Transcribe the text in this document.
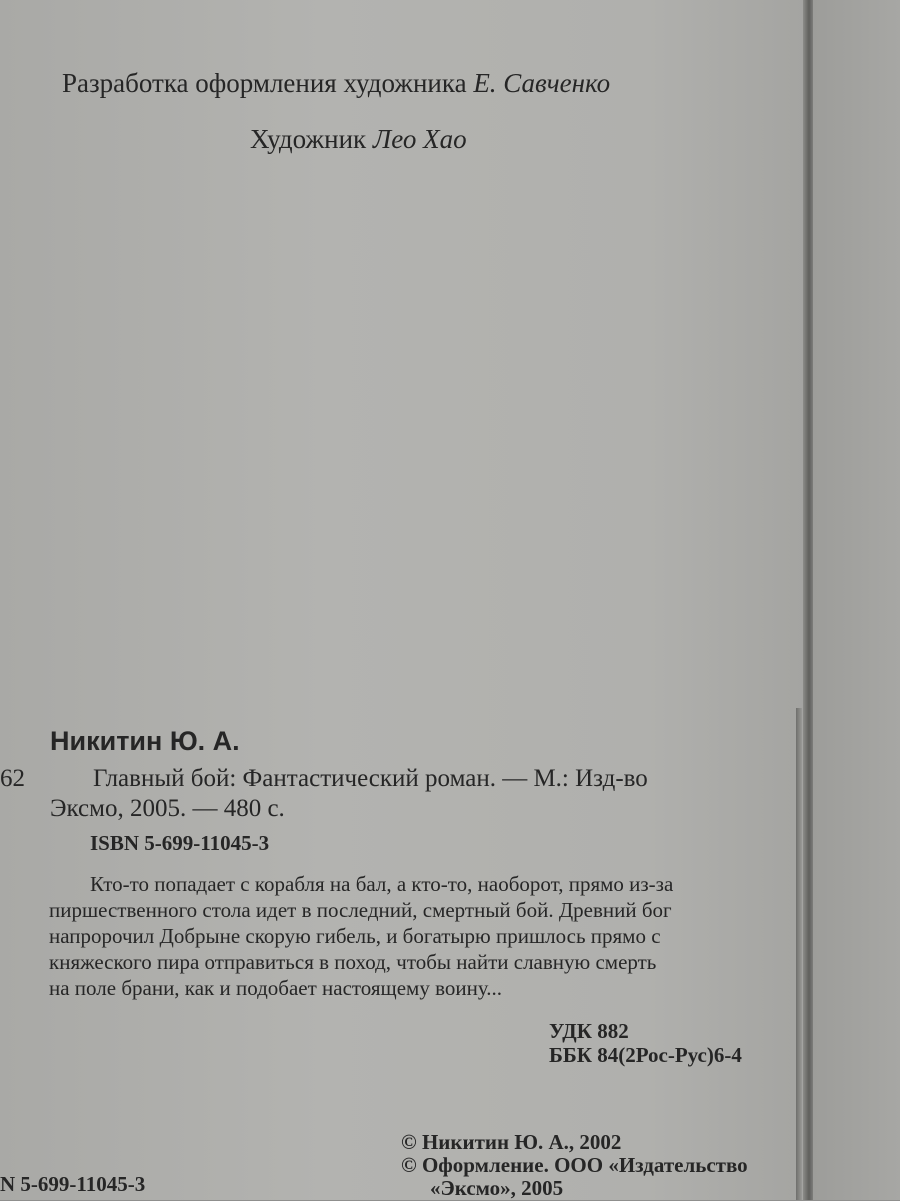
Разработка оформления художника Е. Савченко
Художник Лео Хао
Никитин Ю. А.
62	Главный бой: Фантастический роман. — М.: Изд-во
Эксмо, 2005. — 480 с.
ISBN 5-699-11045-3
Кто-то попадает с корабля на бал, а кто-то, наоборот, прямо из-за
пиршественного стола идет в последний, смертный бой. Древний бог
напророчил Добрыне скорую гибель, и богатырю пришлось прямо с
княжеского пира отправиться в поход, чтобы найти славную смерть
на поле брани, как и подобает настоящему воину...
УДК 882
ББК 84(2Рос-Рус)6-4
N 5-699-11045-3
© Никитин Ю. А., 2002
© Оформление. ООО «Издательство
«Эксмо», 2005
